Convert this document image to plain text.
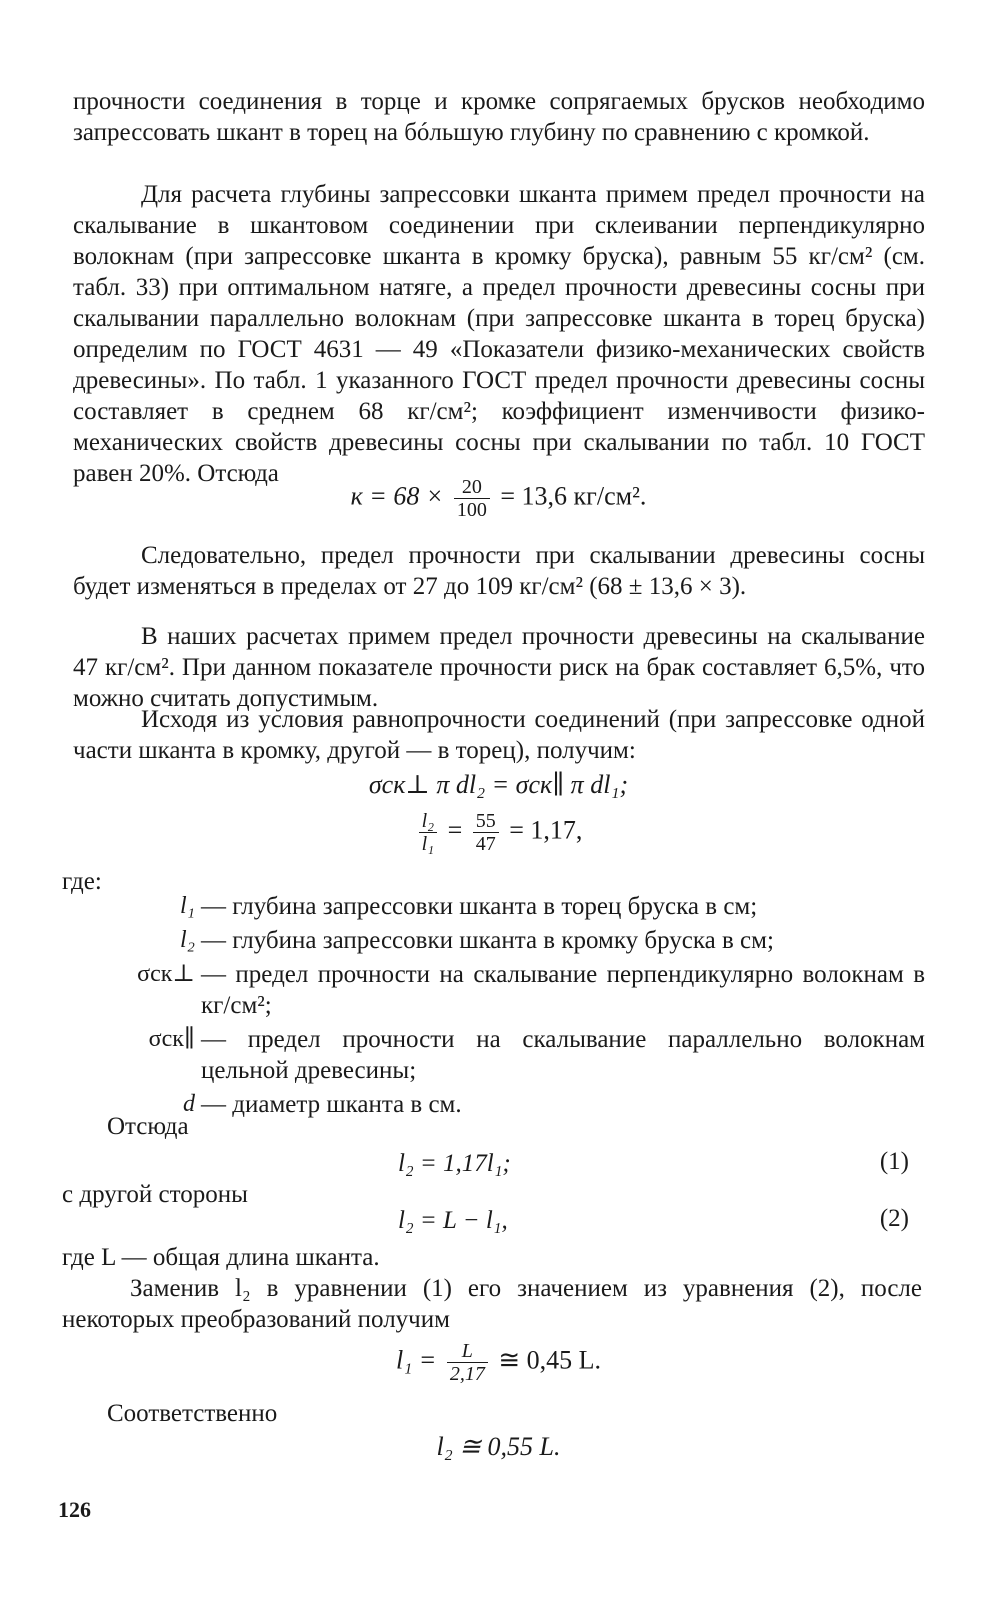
прочности соединения в торце и кромке сопрягаемых брусков необходимо запрессовать шкант в торец на бóльшую глубину по сравнению с кромкой.

Для расчета глубины запрессовки шканта примем предел прочности на скалывание в шкантовом соединении при склеивании перпендикулярно волокнам (при запрессовке шканта в кромку бруска), равным 55 кг/см² (см. табл. 33) при оптимальном натяге, а предел прочности древесины сосны при скалывании параллельно волокнам (при запрессовке шканта в торец бруска) определим по ГОСТ 4631 — 49 «Показатели физико-механических свойств древесины». По табл. 1 указанного ГОСТ предел прочности древесины сосны составляет в среднем 68 кг/см²; коэффициент изменчивости физико-механических свойств древесины сосны при скалывании по табл. 10 ГОСТ равен 20%. Отсюда

$к = 68 \times \frac{20}{100} = 13,6$ кг/см².

Следовательно, предел прочности при скалывании древесины сосны будет изменяться в пределах от 27 до 109 кг/см² (68 ± 13,6 × 3).

В наших расчетах примем предел прочности древесины на скалывание 47 кг/см². При данном показателе прочности риск на брак составляет 6,5%, что можно считать допустимым.

Исходя из условия равнопрочности соединений (при запрессовке одной части шканта в кромку, другой — в торец), получим:

σск⊥ π dl₂ = σск∥ π dl₁;
$\frac{\text{l₂}}{\text{l₁}} = \frac{55}{47} = 1,17$,
где:
l₁ — глубина запрессовки шканта в торец бруска в см;
l₂ — глубина запрессовки шканта в кромку бруска в см;
σск⊥ — предел прочности на скалывание перпендикулярно волокнам в кг/см²;
σск∥ — предел прочности на скалывание параллельно волокнам цельной древесины;
d — диаметр шканта в см.
Отсюда
l₂ = 1,17l₁;	(1)
с другой стороны
l₂ = L − l₁,	(2)
где L — общая длина шканта.

Заменив l₂ в уравнении (1) его значением из уравнения (2), после некоторых преобразований получим

$l_1 = \frac{L}{2,17}$ ≅ 0,45 L.
Соответственно
l₂ ≅ 0,55 L.
126
